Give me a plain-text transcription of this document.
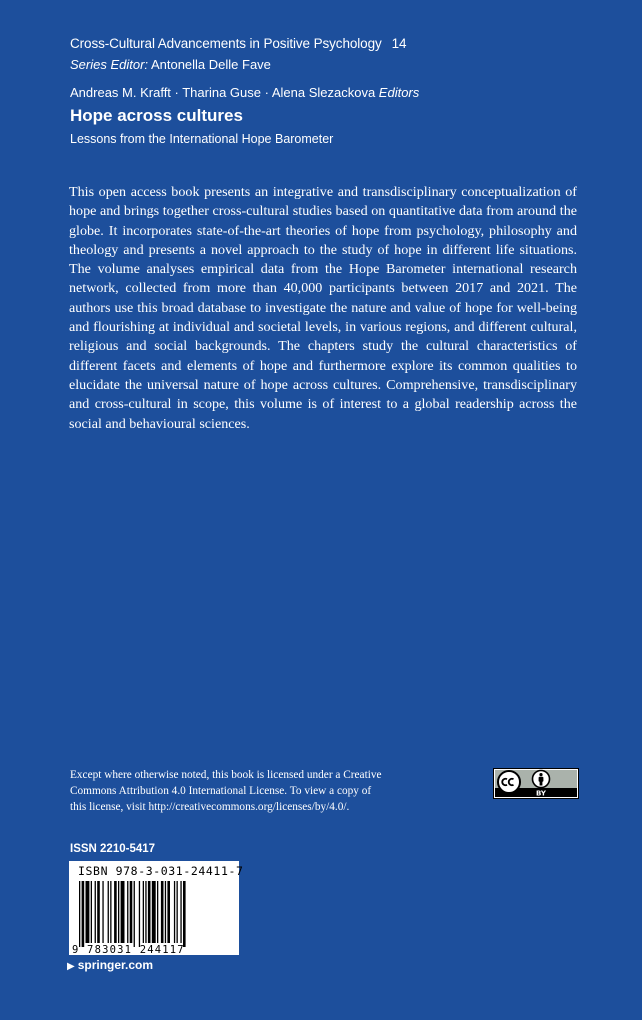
Cross-Cultural Advancements in Positive Psychology 14
Series Editor: Antonella Delle Fave
Andreas M. Krafft · Tharina Guse · Alena Slezackova Editors
Hope across cultures
Lessons from the International Hope Barometer
This open access book presents an integrative and transdisciplinary conceptualization of hope and brings together cross-cultural studies based on quantitative data from around the globe. It incorporates state-of-the-art theories of hope from psychology, philosophy and theology and presents a novel approach to the study of hope in different life situations. The volume analyses empirical data from the Hope Barometer international research network, collected from more than 40,000 participants between 2017 and 2021. The authors use this broad database to investigate the nature and value of hope for well-being and flourishing at individual and societal levels, in various regions, and different cultural, religious and social backgrounds. The chapters study the cultural characteristics of different facets and elements of hope and furthermore explore its common qualities to elucidate the universal nature of hope across cultures. Comprehensive, transdisciplinary and cross-cultural in scope, this volume is of interest to a global readership across the social and behavioural sciences.
Except where otherwise noted, this book is licensed under a Creative Commons Attribution 4.0 International License. To view a copy of this license, visit http://creativecommons.org/licenses/by/4.0/.
BY
ISSN 2210-5417
ISBN 978-3-031-24411-7
9 783031 244117
▶ springer.com
